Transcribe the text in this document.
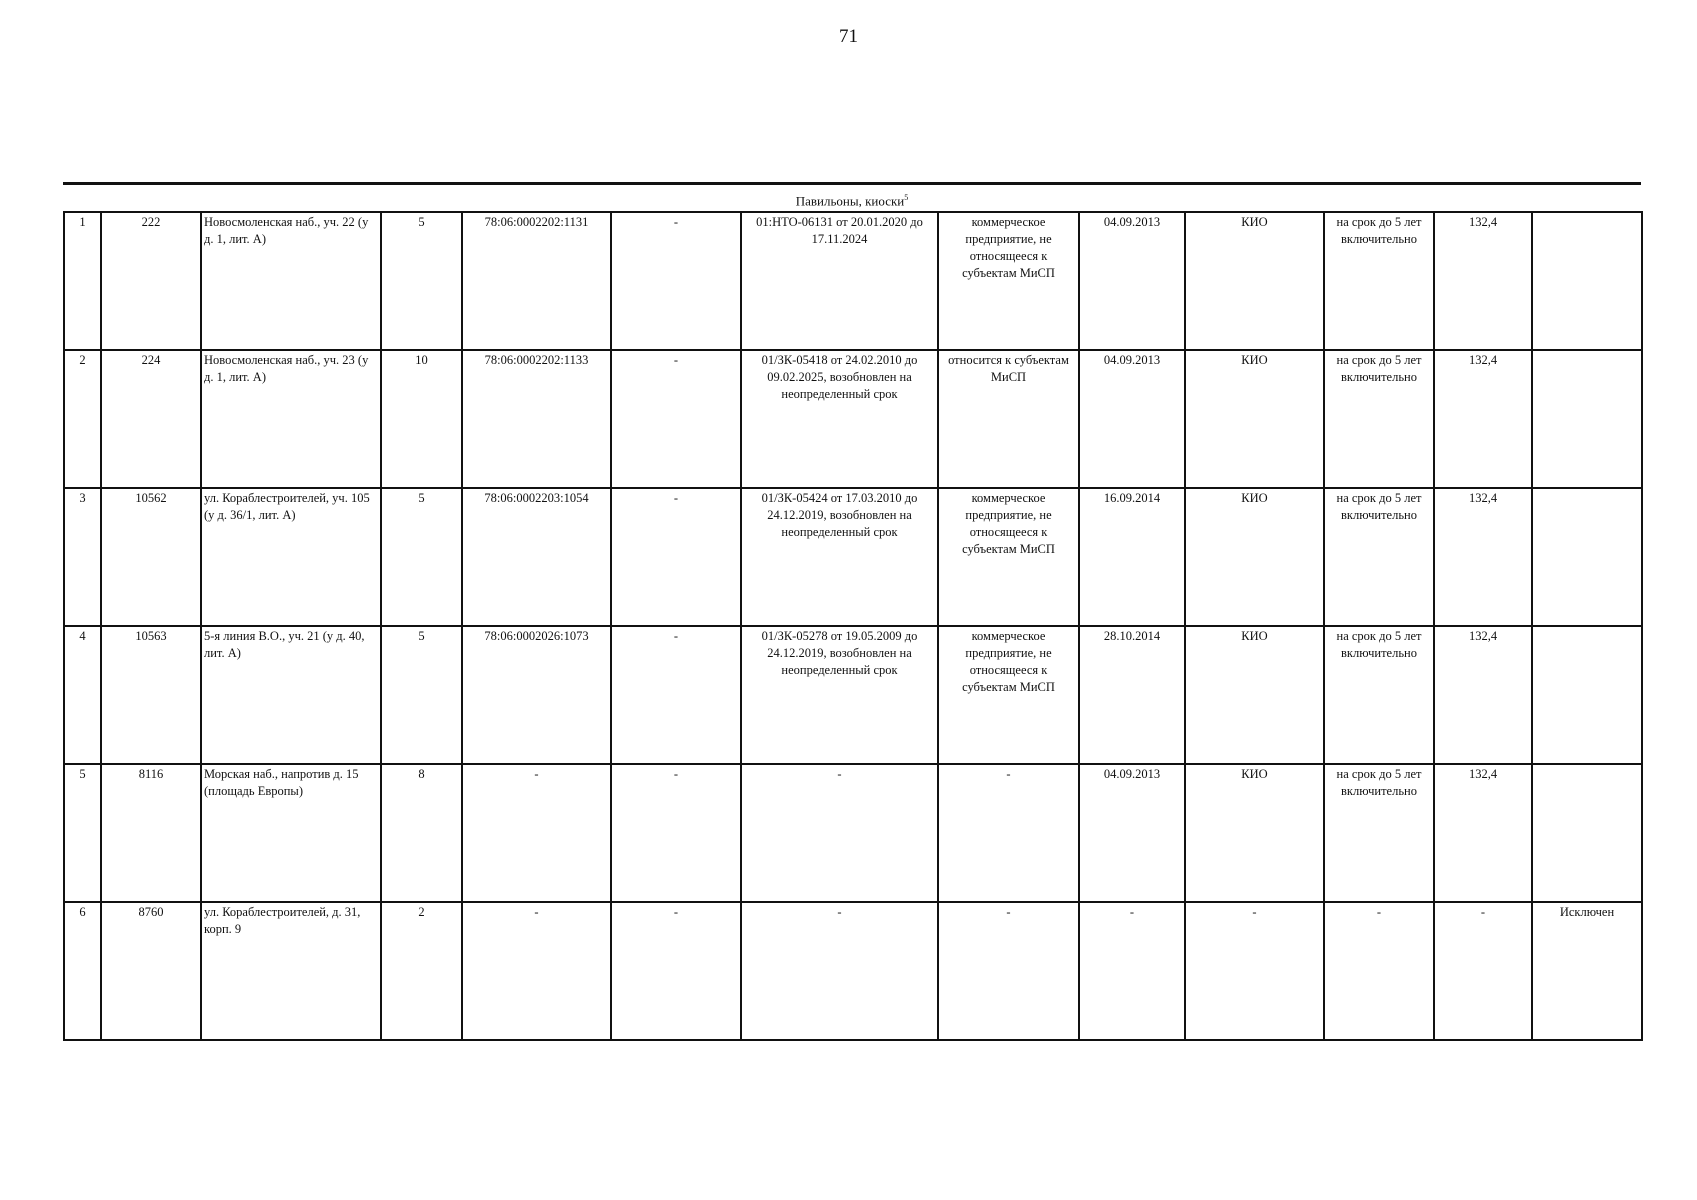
71
Павильоны, киоски$^5$
1	222	Новосмоленская наб., уч. 22 (у д. 1, лит. А)	5	78:06:0002202:1131	-	01:НТО-06131 от 20.01.2020 до 17.11.2024	коммерческое предприятие, не относящееся к субъектам МиСП	04.09.2013	КИО	на срок до 5 лет включительно	132,4	
2	224	Новосмоленская наб., уч. 23 (у д. 1, лит. А)	10	78:06:0002202:1133	-	01/ЗК-05418 от 24.02.2010 до 09.02.2025, возобновлен на неопределенный срок	относится к субъектам МиСП	04.09.2013	КИО	на срок до 5 лет включительно	132,4	
3	10562	ул. Кораблестроителей, уч. 105 (у д. 36/1, лит. А)	5	78:06:0002203:1054	-	01/ЗК-05424 от 17.03.2010 до 24.12.2019, возобновлен на неопределенный срок	коммерческое предприятие, не относящееся к субъектам МиСП	16.09.2014	КИО	на срок до 5 лет включительно	132,4	
4	10563	5-я линия В.О., уч. 21 (у д. 40, лит. А)	5	78:06:0002026:1073	-	01/ЗК-05278 от 19.05.2009 до 24.12.2019, возобновлен на неопределенный срок	коммерческое предприятие, не относящееся к субъектам МиСП	28.10.2014	КИО	на срок до 5 лет включительно	132,4	
5	8116	Морская наб., напротив д. 15 (площадь Европы)	8	-	-	-	-	04.09.2013	КИО	на срок до 5 лет включительно	132,4	
6	8760	ул. Кораблестроителей, д. 31, корп. 9	2	-	-	-	-	-	-	-	-	Исключен
